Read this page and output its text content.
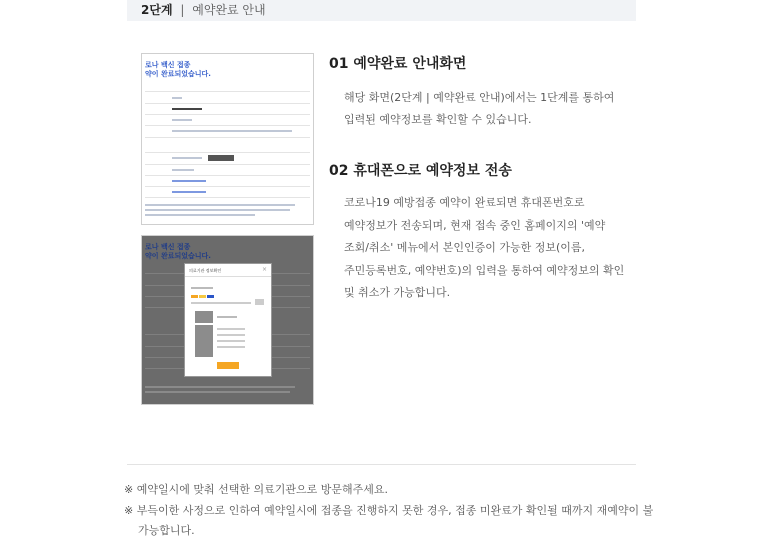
2단계 | 예약완료 안내
로나 백신 접종
약이 완료되었습니다.
로나 백신 접종
약이 완료되었습니다.
의료기관 정보확인	×
01 예약완료 안내화면
해당 화면(2단계 | 예약완료 안내)에서는 1단계를 통하여
입력된 예약정보를 확인할 수 있습니다.
02 휴대폰으로 예약정보 전송
코로나19 예방접종 예약이 완료되면 휴대폰번호로
예약정보가 전송되며, 현재 접속 중인 홈페이지의 '예약
조회/취소' 메뉴에서 본인인증이 가능한 정보(이름,
주민등록번호, 예약번호)의 입력을 통하여 예약정보의 확인
및 취소가 가능합니다.
※ 예약일시에 맞춰 선택한 의료기관으로 방문해주세요.
※ 부득이한 사정으로 인하여 예약일시에 접종을 진행하지 못한 경우, 접종 미완료가 확인될 때까지 재예약이 불
가능합니다.
